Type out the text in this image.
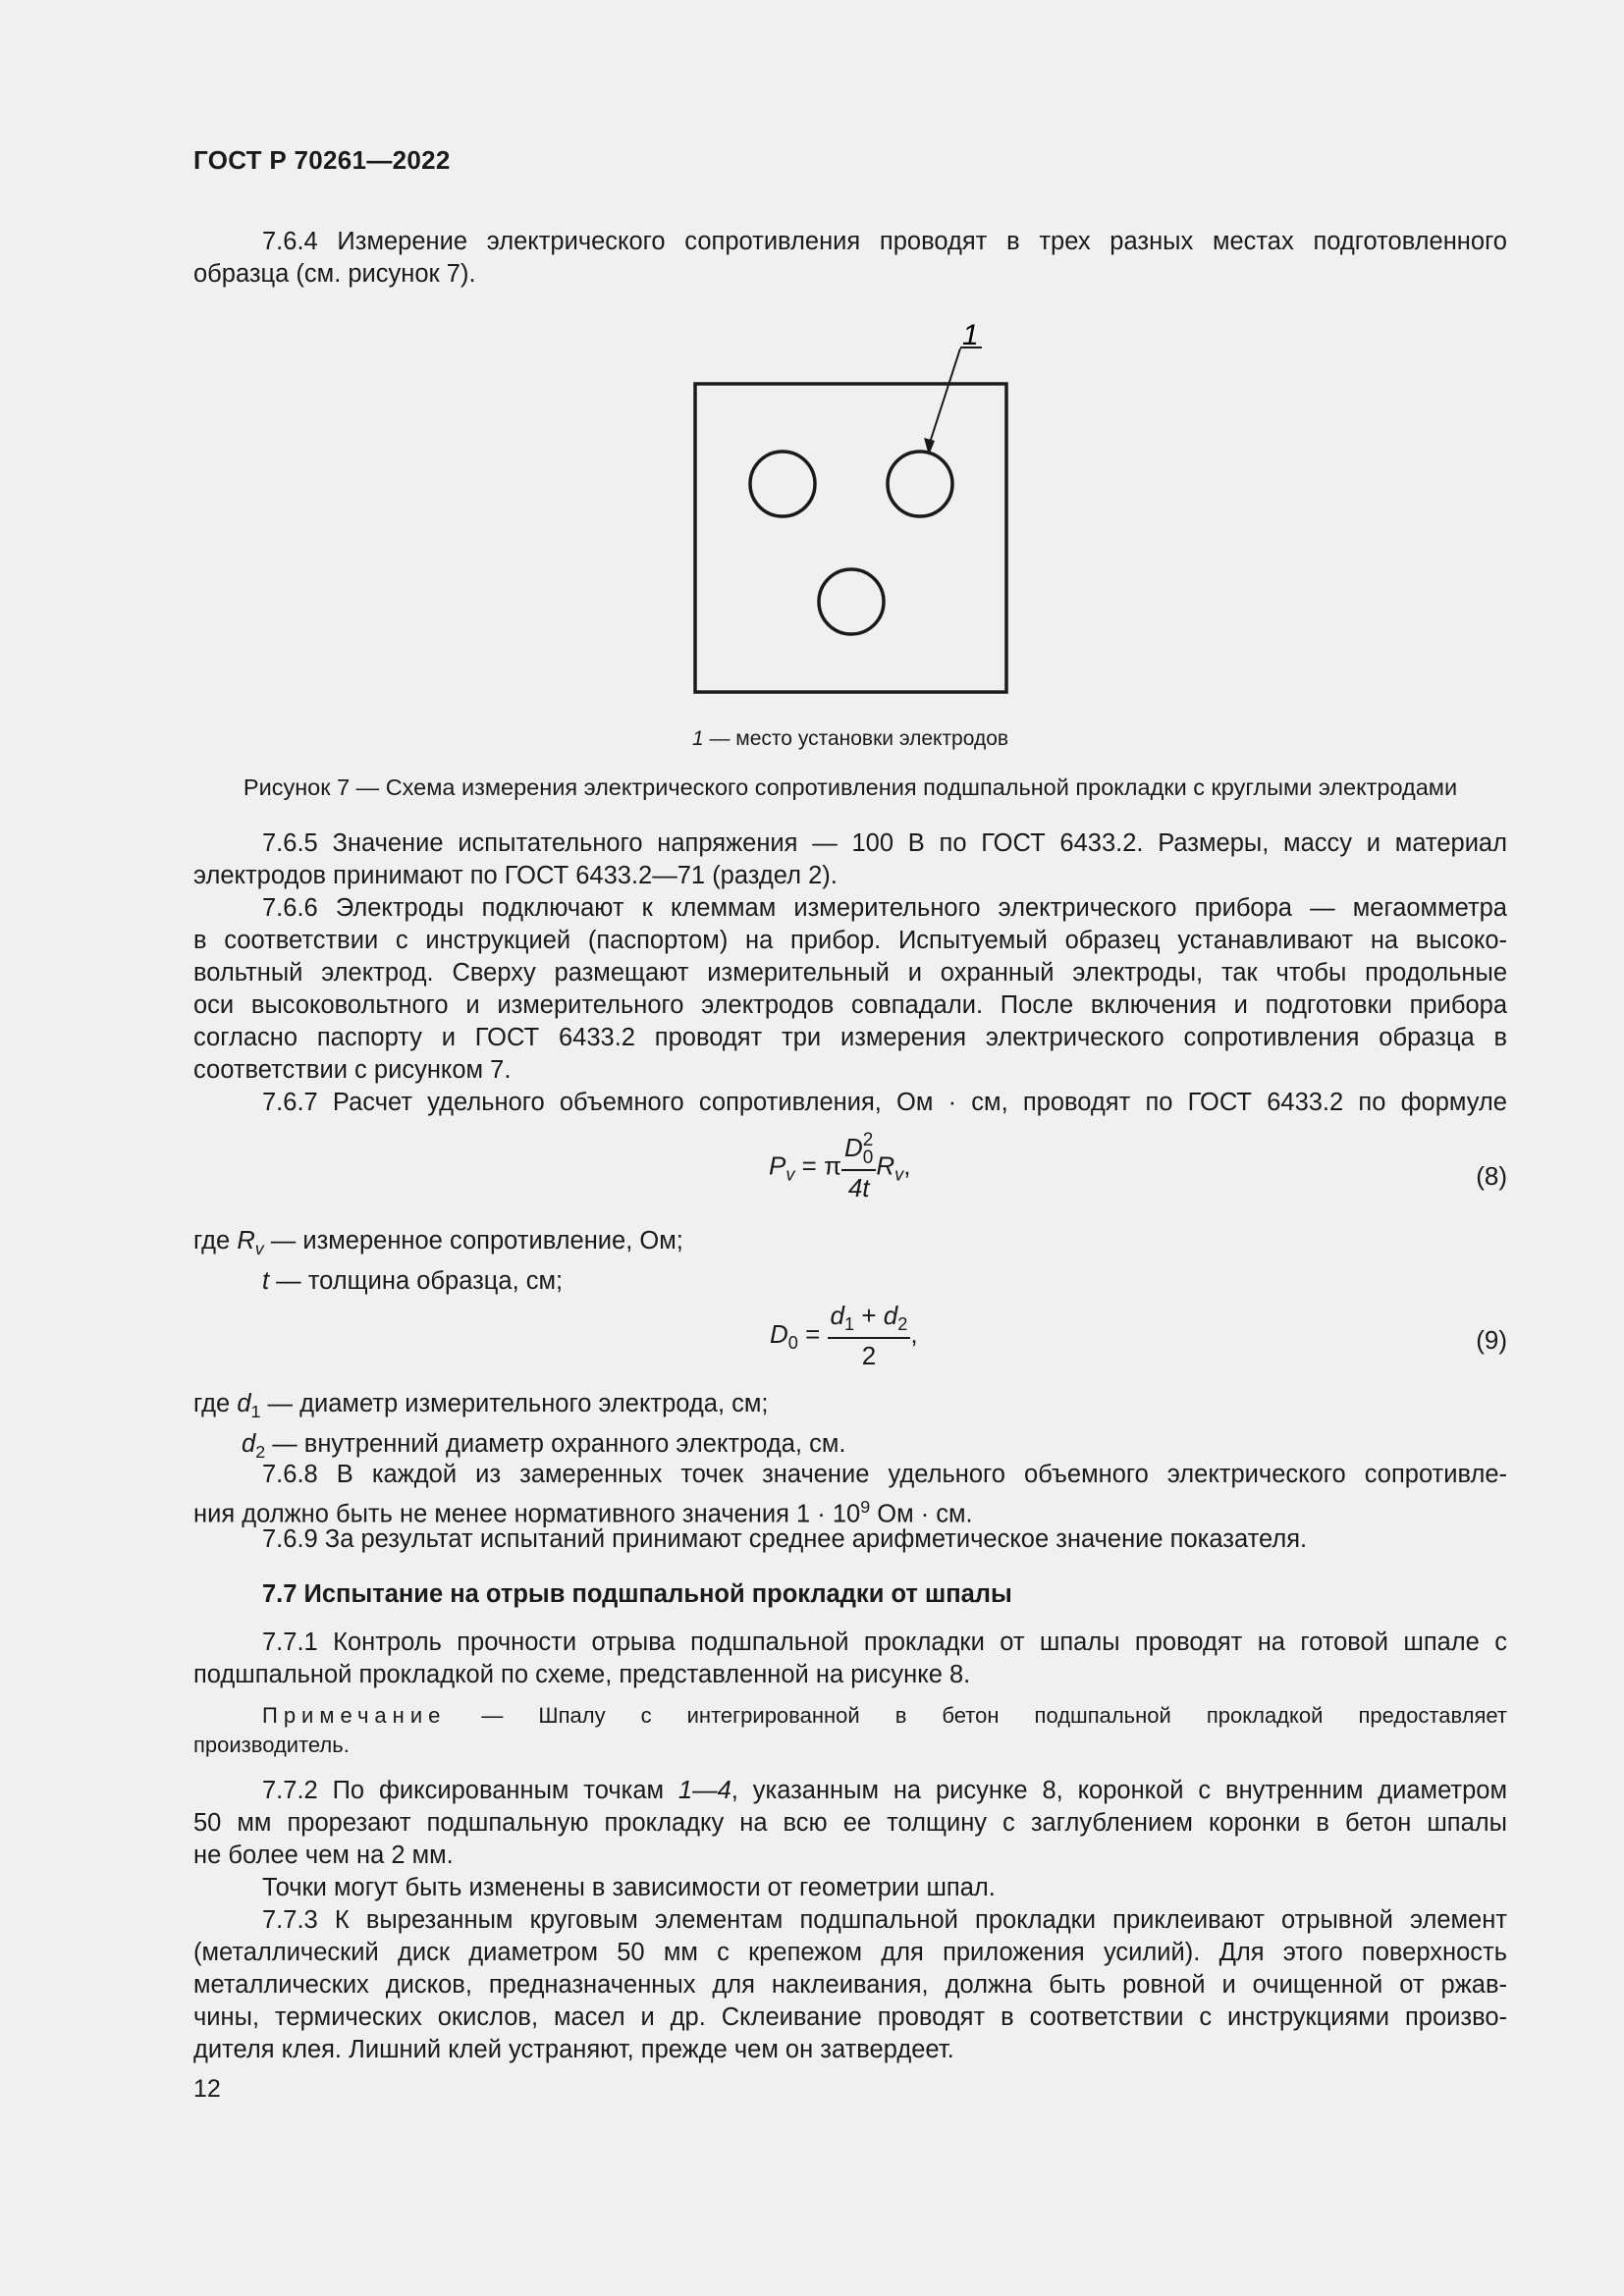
ГОСТ Р 70261—2022
7.6.4 Измерение электрического сопротивления проводят в трех разных местах подготовленного
образца (см. рисунок 7).
1
1 — место установки электродов
Рисунок 7 — Схема измерения электрического сопротивления подшпальной прокладки с круглыми электродами
7.6.5 Значение испытательного напряжения — 100 В по ГОСТ 6433.2. Размеры, массу и материал
электродов принимают по ГОСТ 6433.2—71 (раздел 2).
7.6.6 Электроды подключают к клеммам измерительного электрического прибора — мегаомметра
в соответствии с инструкцией (паспортом) на прибор. Испытуемый образец устанавливают на высоко-
вольтный электрод. Сверху размещают измерительный и охранный электроды, так чтобы продольные
оси высоковольтного и измерительного электродов совпадали. После включения и подготовки прибора
согласно паспорту и ГОСТ 6433.2 проводят три измерения электрического сопротивления образца в
соответствии с рисунком 7.
7.6.7 Расчет удельного объемного сопротивления, Ом · см, проводят по ГОСТ 6433.2 по формуле
$P_v = \pi$ D 2
0
4t $R_v$,	(8)
где $R_v$ — измеренное сопротивление, Ом;
t — толщина образца, см;
$D_0 = \frac{d_1 + d_2}{2}$ ,	(9)
где $d_1$ — диаметр измерительного электрода, см;
$d_2$ — внутренний диаметр охранного электрода, см.
7.6.8 В каждой из замеренных точек значение удельного объемного электрического сопротивле-
ния должно быть не менее нормативного значения $1 \cdot 10^9$ Ом · см.
7.6.9 За результат испытаний принимают среднее арифметическое значение показателя.
7.7 Испытание на отрыв подшпальной прокладки от шпалы
7.7.1 Контроль прочности отрыва подшпальной прокладки от шпалы проводят на готовой шпале с
подшпальной прокладкой по схеме, представленной на рисунке 8.
Примечание — Шпалу с интегрированной в бетон подшпальной прокладкой предоставляет
производитель.
7.7.2 По фиксированным точкам 1—4, указанным на рисунке 8, коронкой с внутренним диаметром
50 мм прорезают подшпальную прокладку на всю ее толщину с заглублением коронки в бетон шпалы
не более чем на 2 мм.
Точки могут быть изменены в зависимости от геометрии шпал.
7.7.3 К вырезанным круговым элементам подшпальной прокладки приклеивают отрывной элемент
(металлический диск диаметром 50 мм с крепежом для приложения усилий). Для этого поверхность
металлических дисков, предназначенных для наклеивания, должна быть ровной и очищенной от ржав-
чины, термических окислов, масел и др. Склеивание проводят в соответствии с инструкциями произво-
дителя клея. Лишний клей устраняют, прежде чем он затвердеет.
12
